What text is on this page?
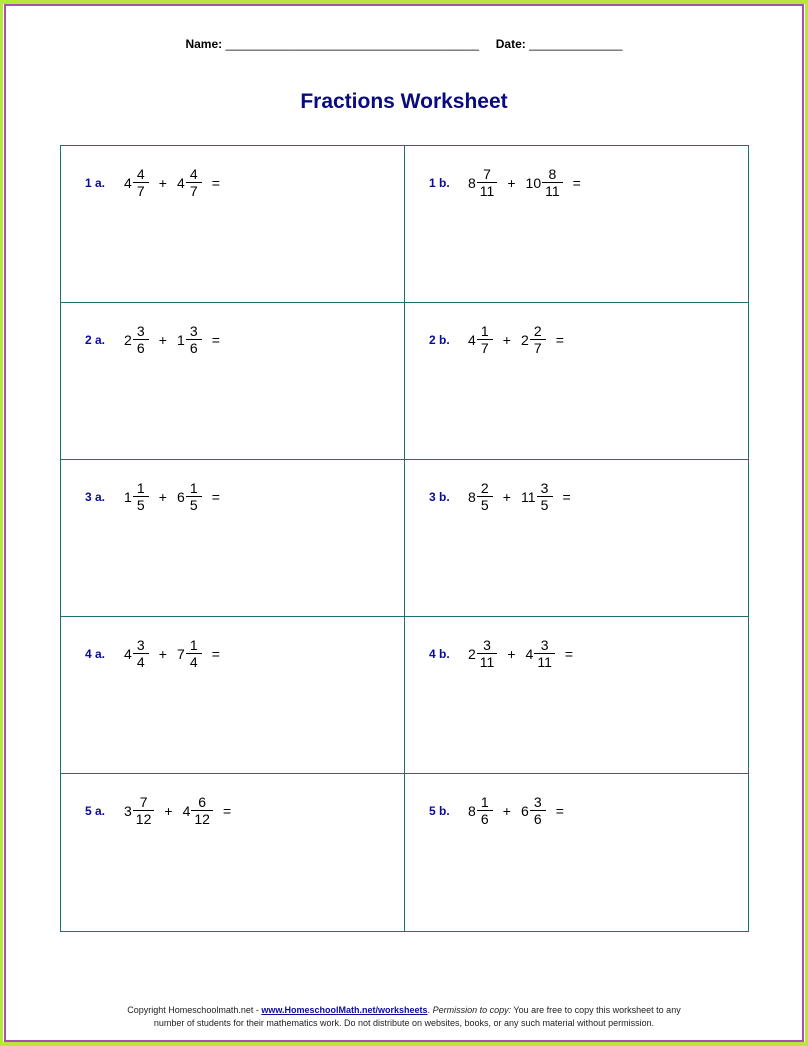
Name: ______________________________________ Date: ______________
Fractions Worksheet
1 a. $4 \frac{4}{7} + 4 \frac{4}{7}$ =	1 b. $8 \frac{7}{11} + 10 \frac{8}{11}$ =
2 a. $2 \frac{3}{6} + 1 \frac{3}{6}$ =	2 b. $4 \frac{1}{7} + 2 \frac{2}{7}$ =
3 a. $1 \frac{1}{5} + 6 \frac{1}{5}$ =	3 b. $8 \frac{2}{5} + 11 \frac{3}{5}$ =
4 a. $4 \frac{3}{4} + 7 \frac{1}{4}$ =	4 b. $2 \frac{3}{11} + 4 \frac{3}{11}$ =
5 a. $3 \frac{7}{12} + 4 \frac{6}{12}$ =	5 b. $8 \frac{1}{6} + 6 \frac{3}{6}$ =
Copyright Homeschoolmath.net - www.HomeschoolMath.net/worksheets. Permission to copy: You are free to copy this worksheet to any
number of students for their mathematics work. Do not distribute on websites, books, or any such material without permission.
